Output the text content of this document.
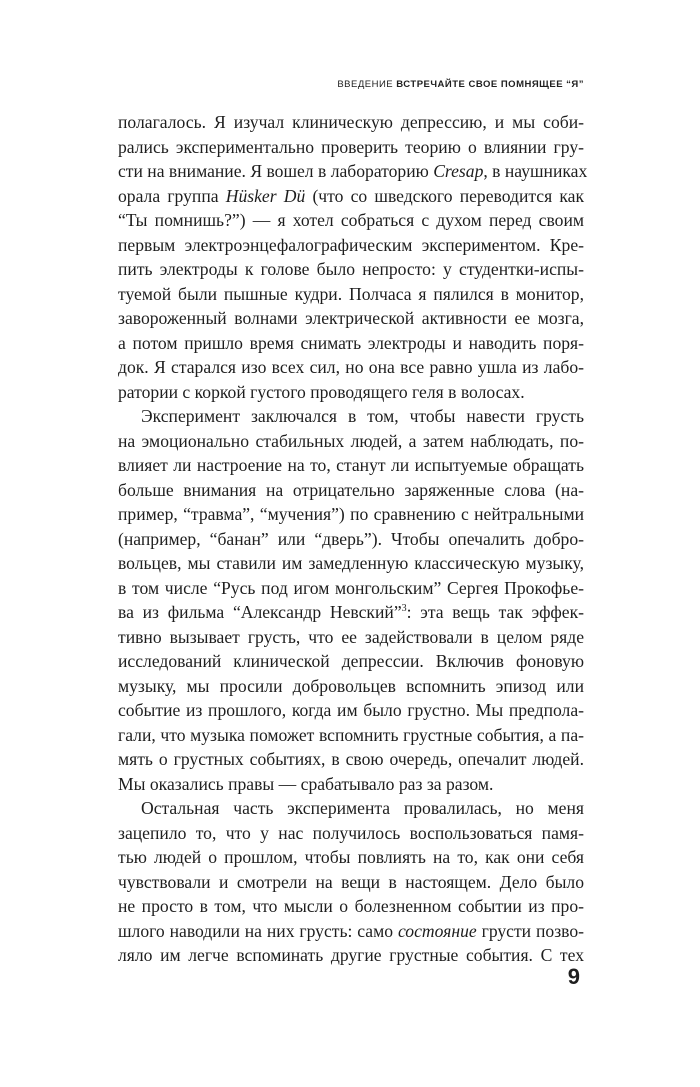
ВВЕДЕНИЕ ВСТРЕЧАЙТЕ СВОЕ ПОМНЯЩЕЕ “Я”
полагалось. Я изучал клиническую депрессию, и мы соби-
рались экспериментально проверить теорию о влиянии гру-
сти на внимание. Я вошел в лабораторию Cresap, в наушниках
орала группа Hüsker Dü (что со шведского переводится как
“Ты помнишь?”) — я хотел собраться с духом перед своим
первым электроэнцефалографическим экспериментом. Кре-
пить электроды к голове было непросто: у студентки-испы-
туемой были пышные кудри. Полчаса я пялился в монитор,
завороженный волнами электрической активности ее мозга,
а потом пришло время снимать электроды и наводить поря-
док. Я старался изо всех сил, но она все равно ушла из лабо-
ратории с коркой густого проводящего геля в волосах.
Эксперимент заключался в том, чтобы навести грусть
на эмоционально стабильных людей, а затем наблюдать, по-
влияет ли настроение на то, станут ли испытуемые обращать
больше внимания на отрицательно заряженные слова (на-
пример, “травма”, “мучения”) по сравнению с нейтральными
(например, “банан” или “дверь”). Чтобы опечалить добро-
вольцев, мы ставили им замедленную классическую музыку,
в том числе “Русь под игом монгольским” Сергея Прокофье-
ва из фильма “Александр Невский”$^3$: эта вещь так эффек-
тивно вызывает грусть, что ее задействовали в целом ряде
исследований клинической депрессии. Включив фоновую
музыку, мы просили добровольцев вспомнить эпизод или
событие из прошлого, когда им было грустно. Мы предпола-
гали, что музыка поможет вспомнить грустные события, а па-
мять о грустных событиях, в свою очередь, опечалит людей.
Мы оказались правы — срабатывало раз за разом.
Остальная часть эксперимента провалилась, но меня
зацепило то, что у нас получилось воспользоваться памя-
тью людей о прошлом, чтобы повлиять на то, как они себя
чувствовали и смотрели на вещи в настоящем. Дело было
не просто в том, что мысли о болезненном событии из про-
шлого наводили на них грусть: само состояние грусти позво-
ляло им легче вспоминать другие грустные события. С тех
9
